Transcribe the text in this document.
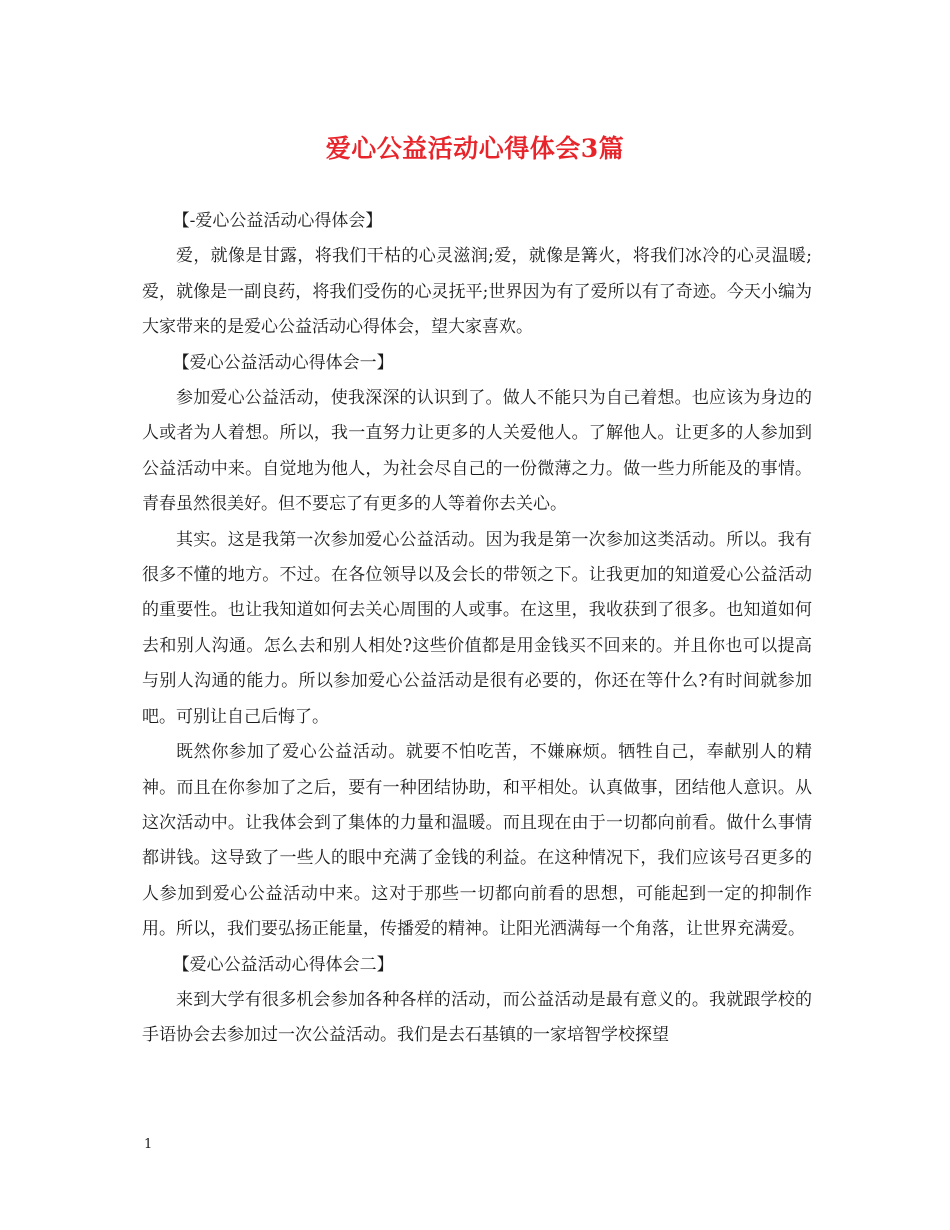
爱心公益活动心得体会3篇

【-爱心公益活动心得体会】

爱，就像是甘露，将我们干枯的心灵滋润;爱，就像是篝火，将我们冰冷的心灵温暖;　 爱，就像是一副良药，将我们受伤的心灵抚平;世界因为有了爱所以有了奇迹。今天小编为大家带来的是爱心公益活动心得体会，望大家喜欢。

【爱心公益活动心得体会一】

参加爱心公益活动，使我深深的认识到了。做人不能只为自己着想。也应该为身边的人或者为人着想。所以，我一直努力让更多的人关爱他人。了解他人。让更多的人参加到公益活动中来。自觉地为他人，为社会尽自己的一份微薄之力。做一些力所能及的事情。青春虽然很美好。但不要忘了有更多的人等着你去关心。

其实。这是我第一次参加爱心公益活动。因为我是第一次参加这类活动。所以。我有很多不懂的地方。不过。在各位领导以及会长的带领之下。让我更加的知道爱心公益活动的重要性。也让我知道如何去关心周围的人或事。在这里，我收获到了很多。也知道如何去和别人沟通。怎么去和别人相处?这些价值都是用金钱买不回来的。并且你也可以提高与别人沟通的能力。所以参加爱心公益活动是很有必要的，你还在等什么?有时间就参加吧。可别让自己后悔了。

既然你参加了爱心公益活动。就要不怕吃苦，不嫌麻烦。牺牲自己，奉献别人的精神。而且在你参加了之后，要有一种团结协助，和平相处。认真做事，团结他人意识。从这次活动中。让我体会到了集体的力量和温暖。而且现在由于一切都向前看。做什么事情都讲钱。这导致了一些人的眼中充满了金钱的利益。在这种情况下，我们应该号召更多的人参加到爱心公益活动中来。这对于那些一切都向前看的思想，可能起到一定的抑制作用。所以，我们要弘扬正能量，传播爱的精神。让阳光洒满每一个角落，让世界充满爱。

【爱心公益活动心得体会二】

来到大学有很多机会参加各种各样的活动，而公益活动是最有意义的。我就跟学校的手语协会去参加过一次公益活动。我们是去石基镇的一家培智学校探望

1
